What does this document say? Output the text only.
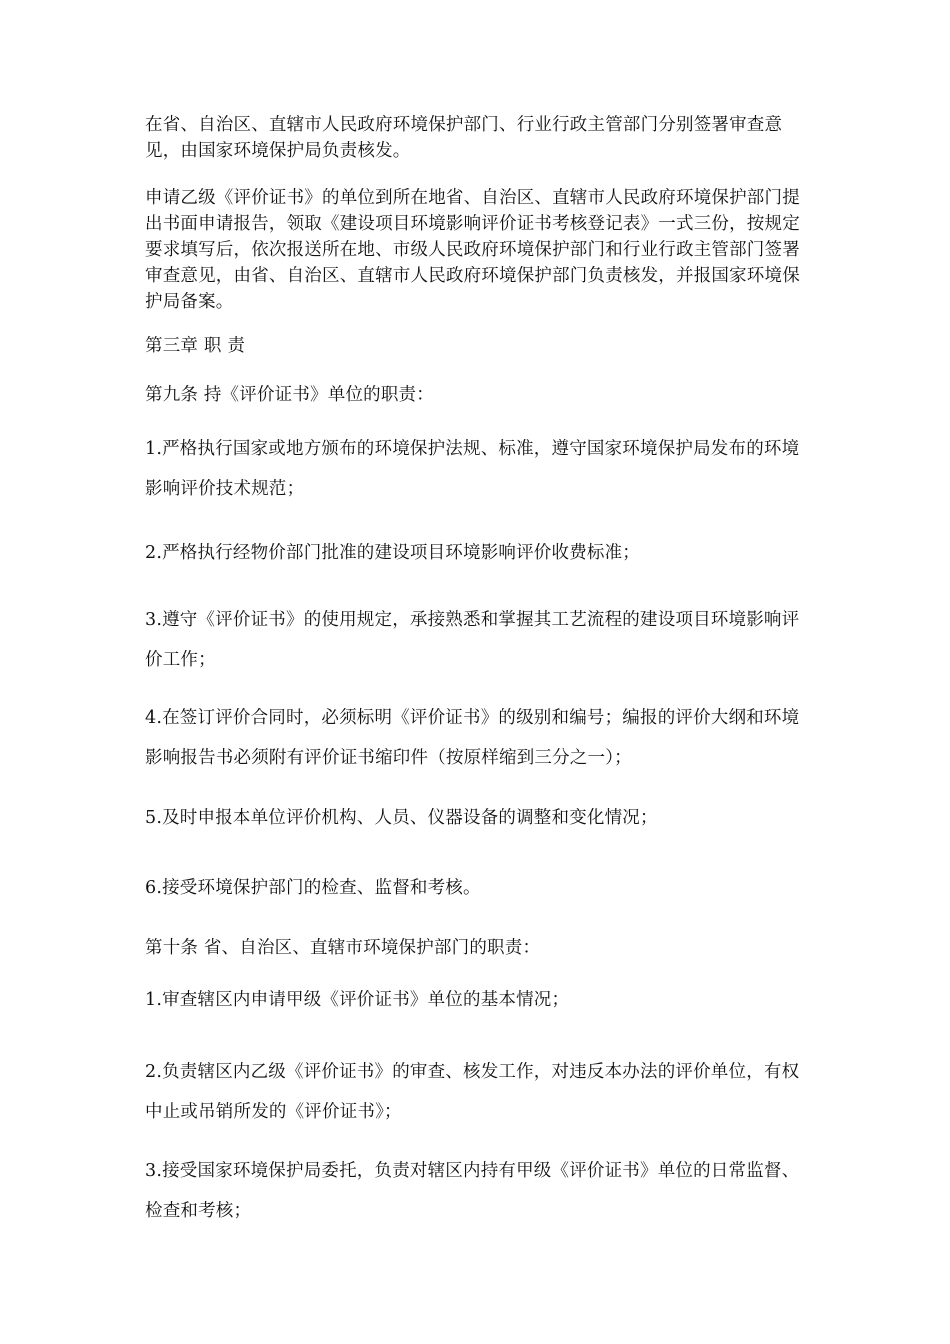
在省、自治区、直辖市人民政府环境保护部门、行业行政主管部门分别签署审查意见，由国家环境保护局负责核发。

申请乙级《评价证书》的单位到所在地省、自治区、直辖市人民政府环境保护部门提出书面申请报告，领取《建设项目环境影响评价证书考核登记表》一式三份，按规定要求填写后，依次报送所在地、市级人民政府环境保护部门和行业行政主管部门签署审查意见，由省、自治区、直辖市人民政府环境保护部门负责核发，并报国家环境保护局备案。

第三章 职 责

第九条 持《评价证书》单位的职责：

1.严格执行国家或地方颁布的环境保护法规、标准，遵守国家环境保护局发布的环境影响评价技术规范；

2.严格执行经物价部门批准的建设项目环境影响评价收费标准；

3.遵守《评价证书》的使用规定，承接熟悉和掌握其工艺流程的建设项目环境影响评价工作；

4.在签订评价合同时，必须标明《评价证书》的级别和编号；编报的评价大纲和环境影响报告书必须附有评价证书缩印件（按原样缩到三分之一）；

5.及时申报本单位评价机构、人员、仪器设备的调整和变化情况；

6.接受环境保护部门的检查、监督和考核。

第十条 省、自治区、直辖市环境保护部门的职责：

1.审查辖区内申请甲级《评价证书》单位的基本情况；

2.负责辖区内乙级《评价证书》的审查、核发工作，对违反本办法的评价单位，有权中止或吊销所发的《评价证书》；

3.接受国家环境保护局委托，负责对辖区内持有甲级《评价证书》单位的日常监督、检查和考核；
